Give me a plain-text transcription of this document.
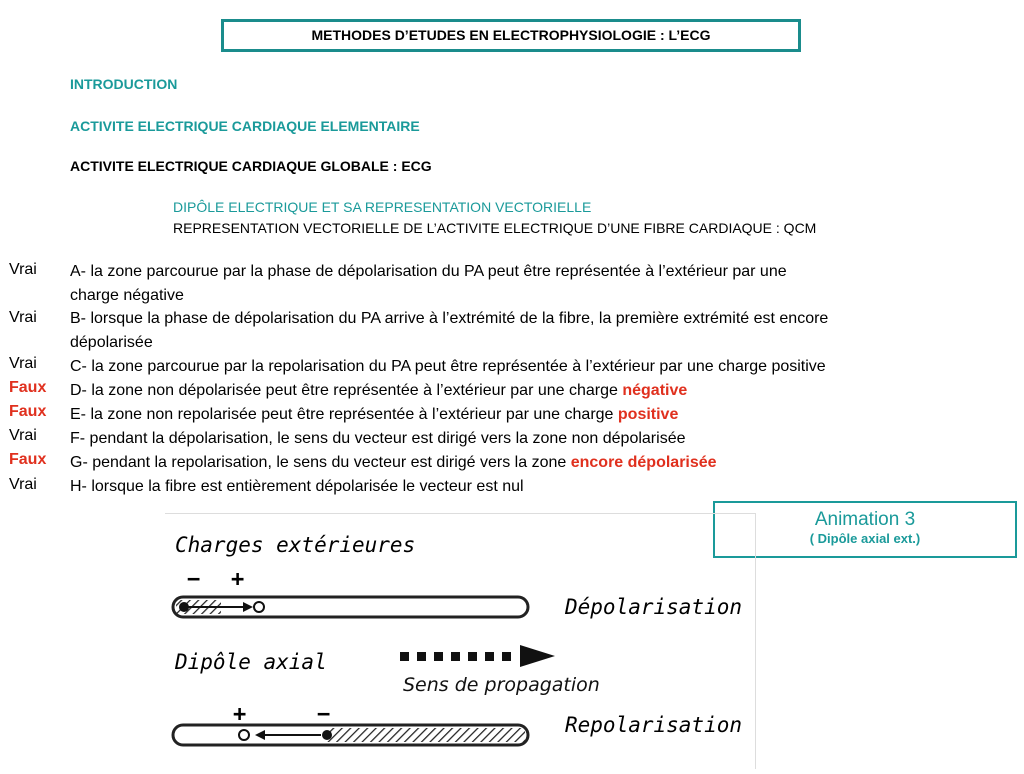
METHODES D’ETUDES EN ELECTROPHYSIOLOGIE : L’ECG
INTRODUCTION
ACTIVITE ELECTRIQUE CARDIAQUE ELEMENTAIRE
ACTIVITE ELECTRIQUE CARDIAQUE GLOBALE : ECG
DIPÔLE ELECTRIQUE ET SA REPRESENTATION VECTORIELLE
REPRESENTATION VECTORIELLE DE L’ACTIVITE ELECTRIQUE D’UNE FIBRE CARDIAQUE : QCM
Vrai
Vrai
Vrai
Faux
Faux
Vrai
Faux
Vrai
A- la zone parcourue par la phase de dépolarisation du PA peut être représentée à l’extérieur par une
charge négative
B- lorsque la phase de dépolarisation du PA arrive à l’extrémité de la fibre, la première extrémité est encore
dépolarisée
C- la zone parcourue par la repolarisation du PA peut être représentée à l’extérieur par une charge positive
D- la zone non dépolarisée peut être représentée à l’extérieur par une charge négative
E- la zone non repolarisée peut être représentée à l’extérieur par une charge positive
F- pendant la dépolarisation, le sens du vecteur est dirigé vers la zone non dépolarisée
G- pendant la repolarisation, le sens du vecteur est dirigé vers la zone encore dépolarisée
H- lorsque la fibre est entièrement dépolarisée le vecteur est nul
Animation 3
( Dipôle axial ext.)
Charges extérieures
− +
Dépolarisation
Dipôle axial
Sens de propagation
+	−	Repolarisation
